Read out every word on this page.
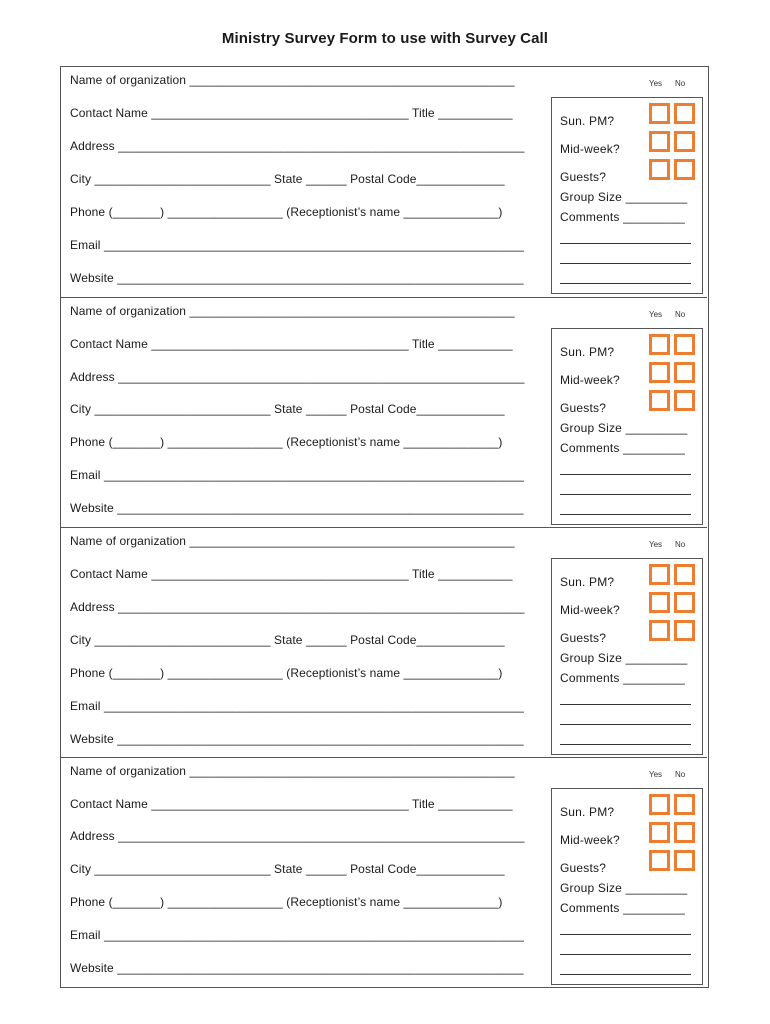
Ministry Survey Form to use with Survey Call
Name of organization ________________________________________________
Contact Name ______________________________________ Title ___________
Address ____________________________________________________________
City __________________________ State ______ Postal Code_____________
Phone (_______) _________________ (Receptionist’s name ______________)
Email ______________________________________________________________
Website ____________________________________________________________
Yes No
Sun. PM?
Mid-week?
Guests?
Group Size _________
Comments _________
Name of organization ________________________________________________
Contact Name ______________________________________ Title ___________
Address ____________________________________________________________
City __________________________ State ______ Postal Code_____________
Phone (_______) _________________ (Receptionist’s name ______________)
Email ______________________________________________________________
Website ____________________________________________________________
Yes No
Sun. PM?
Mid-week?
Guests?
Group Size _________
Comments _________
Name of organization ________________________________________________
Contact Name ______________________________________ Title ___________
Address ____________________________________________________________
City __________________________ State ______ Postal Code_____________
Phone (_______) _________________ (Receptionist’s name ______________)
Email ______________________________________________________________
Website ____________________________________________________________
Yes No
Sun. PM?
Mid-week?
Guests?
Group Size _________
Comments _________
Name of organization ________________________________________________
Contact Name ______________________________________ Title ___________
Address ____________________________________________________________
City __________________________ State ______ Postal Code_____________
Phone (_______) _________________ (Receptionist’s name ______________)
Email ______________________________________________________________
Website ____________________________________________________________
Yes No
Sun. PM?
Mid-week?
Guests?
Group Size _________
Comments _________
